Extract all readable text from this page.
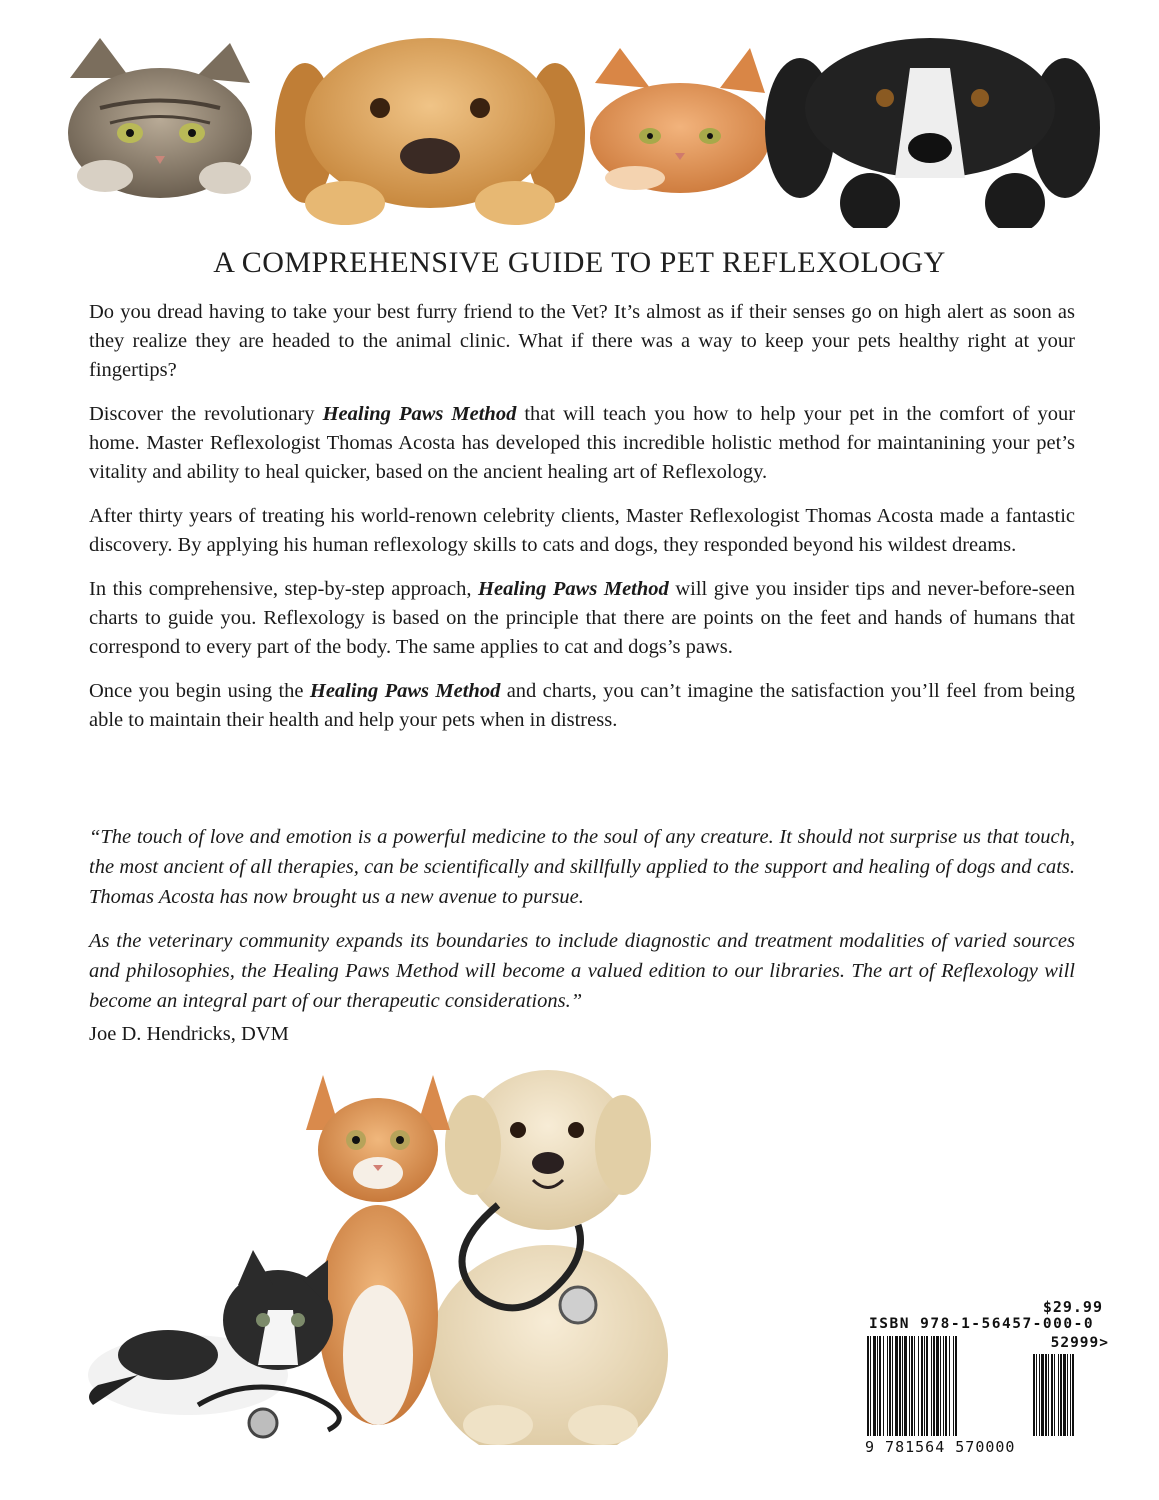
A COMPREHENSIVE GUIDE TO PET REFLEXOLOGY

Do you dread having to take your best furry friend to the Vet? It’s almost as if their senses go on high alert as soon as they realize they are headed to the animal clinic. What if there was a way to keep your pets healthy right at your fingertips?

Discover the revolutionary Healing Paws Method that will teach you how to help your pet in the comfort of your home. Master Reflexologist Thomas Acosta has developed this incredible holistic method for maintanining your pet’s vitality and ability to heal quicker, based on the ancient healing art of Reflexology.

After thirty years of treating his world-renown celebrity clients, Master Reflexologist Thomas Acosta made a fantastic discovery. By applying his human reflexology skills to cats and dogs, they responded beyond his wildest dreams.

In this comprehensive, step-by-step approach, Healing Paws Method will give you insider tips and never-before-seen charts to guide you. Reflexology is based on the principle that there are points on the feet and hands of humans that correspond to every part of the body. The same applies to cat and dogs’s paws.

Once you begin using the Healing Paws Method and charts, you can’t imagine the satisfaction you’ll feel from being able to maintain their health and help your pets when in distress.

“The touch of love and emotion is a powerful medicine to the soul of any creature. It should not surprise us that touch, the most ancient of all therapies, can be scientifically and skillfully applied to the support and healing of dogs and cats. Thomas Acosta has now brought us a new avenue to pursue.

As the veterinary community expands its boundaries to include diagnostic and treatment modalities of varied sources and philosophies, the Healing Paws Method will become a valued edition to our libraries. The art of Reflexology will become an integral part of our therapeutic considerations.”

Joe D. Hendricks, DVM
$29.99
ISBN 978-1-56457-000-0
52999>
9 781564 570000
